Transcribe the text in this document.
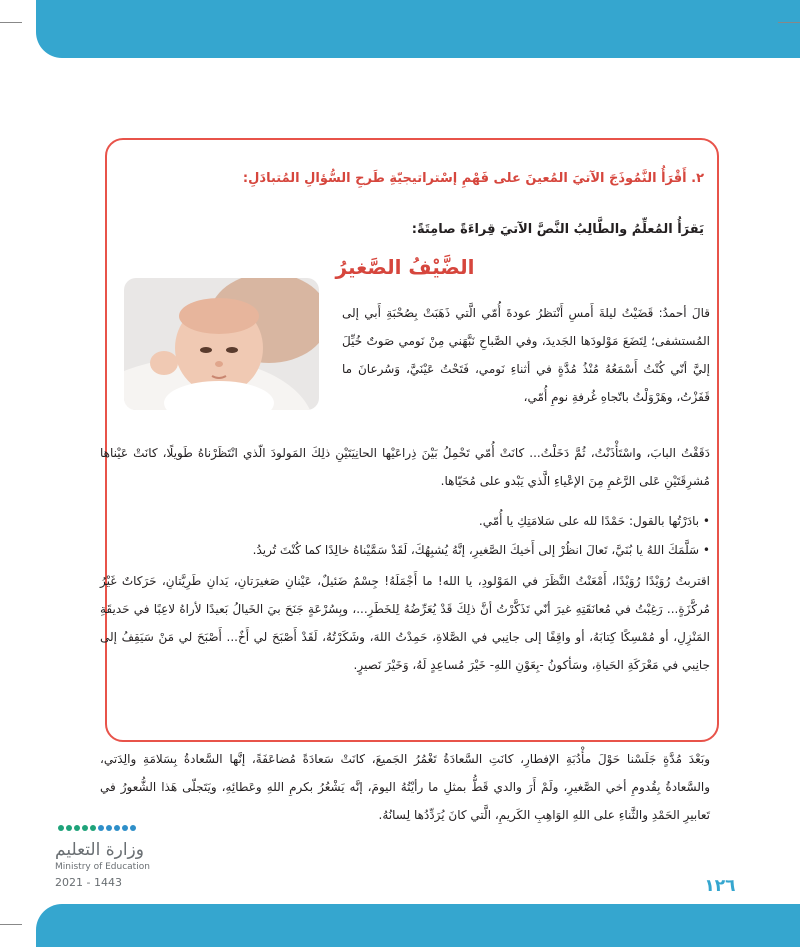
٢. أَقْرَأُ النَّمُوذَجَ الآتيَ المُعينَ على فَهْمِ إسْتراتيجيّةِ طَرحِ السُّؤالِ المُتبادَلِ:
يَقرَأُ المُعلِّمُ والطَّالِبُ النَّصَّ الآتيَ قِراءَةً صامِتَةً:
الضَّيْفُ الصَّغيرُ

قالَ أحمدُ: قَضَيْتُ ليلةَ أَمسِ أَنْتظرُ عودةَ أُمّي الَّتي ذَهَبَتْ بِصُحْبَةِ أَبي إلى المُستشفى؛ لِتَضَعَ مَوْلودَها الجَديدَ، وفي الصَّباحِ نَبَّهَني مِنْ نَومي صَوتٌ خُيِّلَ إليَّ أنّي كُنْتُ أَسْمَعُهُ مُنْذُ مُدَّةٍ في أثناءِ نَومي، فَتَحْتُ عَيْنَيَّ، وَسُرعانَ ما قَفَزْتُ، وهَرْوَلْتُ باتّجاهِ غُرفةِ نومِ أُمّي،

دَقَقْتُ البابَ، واسْتَأْذَنْتُ، ثُمَّ دَخَلْتُ... كانَتْ أُمّي تَحْمِلُ بَيْنَ ذِراعَيْها الحانِيَتَيْنِ ذلِكَ المَولودَ الّذي انْتَظَرْناهُ طَويلًا، كانَتْ عَيْناها مُشرِقَتَيْنِ عَلى الرَّغمِ مِنَ الإعْياءِ الَّذي يَبْدو على مُحَيّاها.

• بادَرْتُها بالقول: حَمْدًا لله على سَلامَتِكِ يا أُمّي.

• سَلَّمَكَ اللهُ يا بُنَيَّ، تَعالَ انظُرْ إلى أَخيكَ الصَّغيرِ، إنَّهُ يُشبِهُكَ، لَقَدْ سَمَّيْناهُ خالِدًا كما كُنْتَ تُريدُ.

اقتربتُ رُوَيْدًا رُوَيْدًا، أَمْعَنْتُ النَّظَرَ في المَوْلودِ، يا الله! ما أَجْمَلَهُ! جِسْمٌ ضَئيلٌ، عَيْنانِ صَغيرَتانِ، يَدانِ طَرِيَّتانِ، حَرَكاتٌ غَيْرُ مُركَّزَةٍ... رَغِبْتُ في مُعانَقَتِهِ غيرَ أنّي تَذَكَّرْتُ أنَّ ذلِكَ قَدْ يُعَرِّضُهُ لِلخَطَرِ...، وبِسُرْعَةٍ جَنَحَ بيَ الخَيالُ بَعيدًا لأراهُ لاعِبًا في حَديقَةِ المَنْزِلِ، أو مُمْسِكًا كِتابَهُ، أو واقِفًا إلى جانِبي في الصَّلاةِ، حَمِدْتُ اللهَ، وشَكَرْتُهُ، لَقَدْ أَصْبَحَ لي أَخٌ... أَصْبَحَ لي مَنْ سَيَقِفُ إلى جانِبي في مَعْرَكَةِ الحَياةِ، وسَأكونُ -بِعَوْنِ اللهِ- خَيْرَ مُساعِدٍ لَهُ، وَخَيْرَ نَصيرٍ.

وبَعْدَ مُدَّةٍ جَلَسْنا حَوْلَ مأْدُبَةِ الإفطارِ، كانَتِ السَّعادَةُ تَغْمُرُ الجَميعَ، كانَتْ سَعادَةً مُضاعَفَةً، إنَّها السَّعادةُ بِسَلامَةِ والِدَتي، والسَّعادةُ بِقُدومِ أخي الصَّغيرِ، ولَمْ أَرَ والدي قَطُّ بمثلِ ما رأيْتُهُ اليومَ، إنَّه يَشْعُرُ بكرمِ اللهِ وعَطائِهِ، ويَتَجلّى هَذا الشُّعورُ في تَعابيرِ الحَمْدِ والثَّناءِ على اللهِ الوَاهِبِ الكَريمِ، الَّتي كانَ يُرَدِّدُها لِسانُهُ.

وزارة التعليم
Ministry of Education
2021 - 1443	١٢٦
